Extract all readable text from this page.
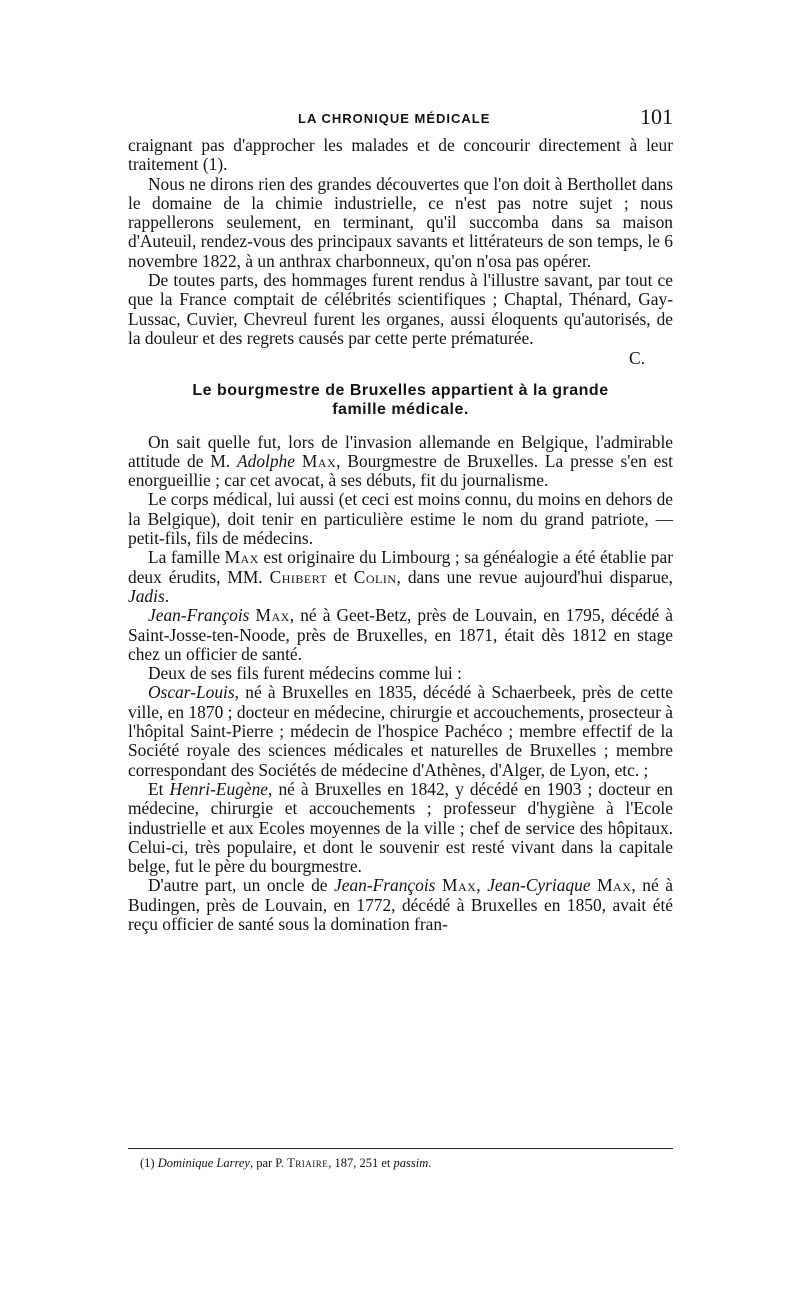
LA CHRONIQUE MÉDICALE	101

craignant pas d'approcher les malades et de concourir directement à leur traitement (1).

Nous ne dirons rien des grandes découvertes que l'on doit à Berthollet dans le domaine de la chimie industrielle, ce n'est pas notre sujet ; nous rappellerons seulement, en terminant, qu'il succomba dans sa maison d'Auteuil, rendez-vous des principaux savants et littérateurs de son temps, le 6 novembre 1822, à un anthrax charbonneux, qu'on n'osa pas opérer.

De toutes parts, des hommages furent rendus à l'illustre savant, par tout ce que la France comptait de célébrités scientifiques ; Chaptal, Thénard, Gay-Lussac, Cuvier, Chevreul furent les organes, aussi éloquents qu'autorisés, de la douleur et des regrets causés par cette perte prématurée.

C.

Le bourgmestre de Bruxelles appartient à la grande
famille médicale.

On sait quelle fut, lors de l'invasion allemande en Belgique, l'admirable attitude de M. Adolphe Max, Bourgmestre de Bruxelles. La presse s'en est enorgueillie ; car cet avocat, à ses débuts, fit du journalisme.

Le corps médical, lui aussi (et ceci est moins connu, du moins en dehors de la Belgique), doit tenir en particulière estime le nom du grand patriote, — petit-fils, fils de médecins.

La famille Max est originaire du Limbourg ; sa généalogie a été établie par deux érudits, MM. Chibert et Colin, dans une revue aujourd'hui disparue, Jadis.

Jean-François Max, né à Geet-Betz, près de Louvain, en 1795, décédé à Saint-Josse-ten-Noode, près de Bruxelles, en 1871, était dès 1812 en stage chez un officier de santé.

Deux de ses fils furent médecins comme lui :

Oscar-Louis, né à Bruxelles en 1835, décédé à Schaerbeek, près de cette ville, en 1870 ; docteur en médecine, chirurgie et accouchements, prosecteur à l'hôpital Saint-Pierre ; médecin de l'hospice Pachéco ; membre effectif de la Société royale des sciences médicales et naturelles de Bruxelles ; membre correspondant des Sociétés de médecine d'Athènes, d'Alger, de Lyon, etc. ;

Et Henri-Eugène, né à Bruxelles en 1842, y décédé en 1903 ; docteur en médecine, chirurgie et accouchements ; professeur d'hygiène à l'Ecole industrielle et aux Ecoles moyennes de la ville ; chef de service des hôpitaux. Celui-ci, très populaire, et dont le souvenir est resté vivant dans la capitale belge, fut le père du bourgmestre.

D'autre part, un oncle de Jean-François Max, Jean-Cyriaque Max, né à Budingen, près de Louvain, en 1772, décédé à Bruxelles en 1850, avait été reçu officier de santé sous la domination fran-

(1) Dominique Larrey, par P. Triaire, 187, 251 et passim.
